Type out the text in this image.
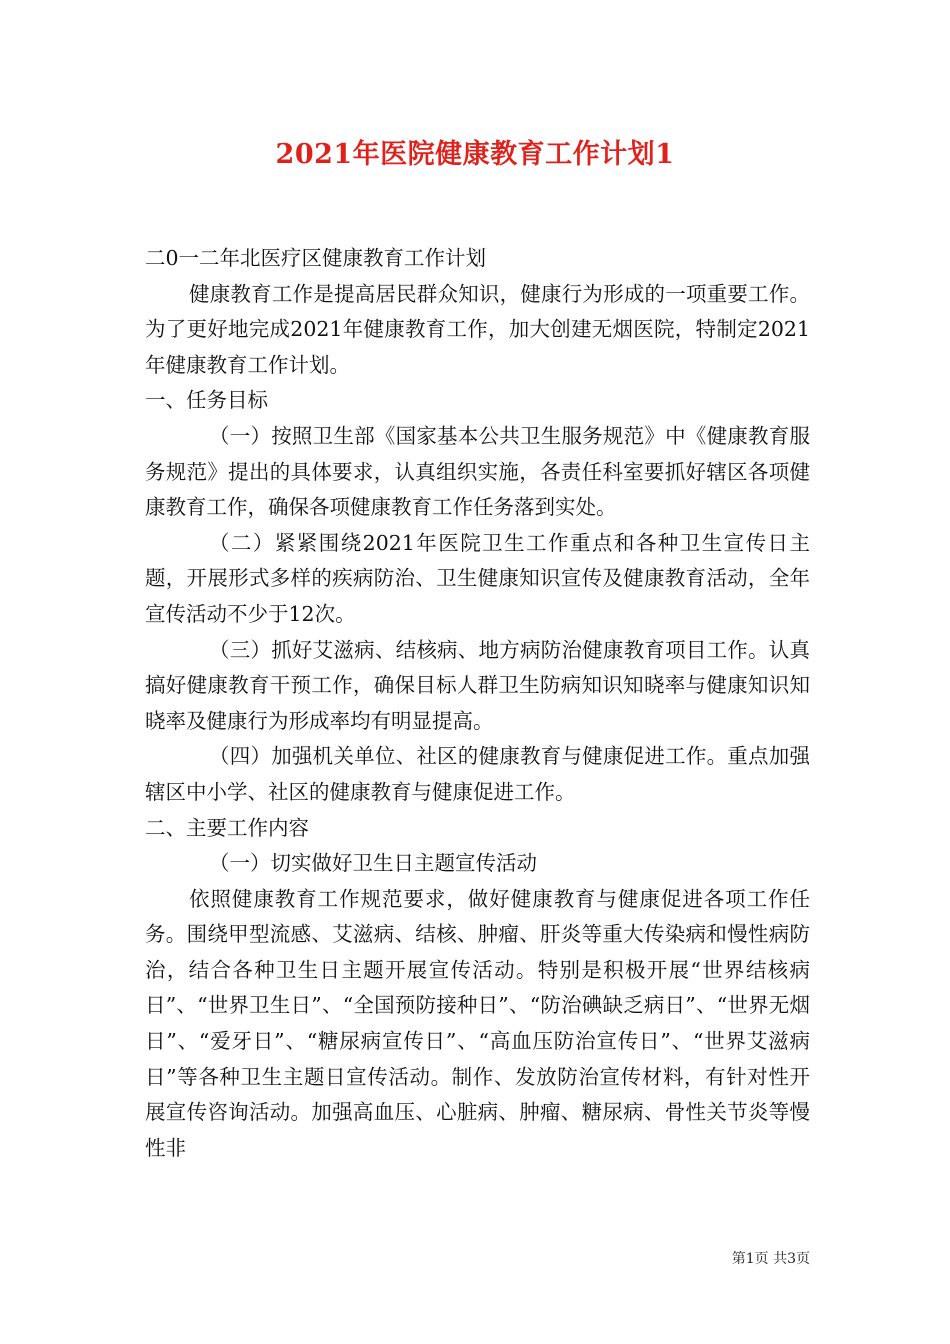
2021年医院健康教育工作计划1

二0一二年北医疗区健康教育工作计划

健康教育工作是提高居民群众知识，健康行为形成的一项重要工作。为了更好地完成2021年健康教育工作，加大创建无烟医院，特制定2021年健康教育工作计划。

一、任务目标

（一）按照卫生部《国家基本公共卫生服务规范》中《健康教育服务规范》提出的具体要求，认真组织实施，各责任科室要抓好辖区各项健康教育工作，确保各项健康教育工作任务落到实处。

（二）紧紧围绕2021年医院卫生工作重点和各种卫生宣传日主题，开展形式多样的疾病防治、卫生健康知识宣传及健康教育活动，全年宣传活动不少于12次。

（三）抓好艾滋病、结核病、地方病防治健康教育项目工作。认真搞好健康教育干预工作，确保目标人群卫生防病知识知晓率与健康知识知晓率及健康行为形成率均有明显提高。

（四）加强机关单位、社区的健康教育与健康促进工作。重点加强辖区中小学、社区的健康教育与健康促进工作。

二、主要工作内容

（一）切实做好卫生日主题宣传活动

依照健康教育工作规范要求，做好健康教育与健康促进各项工作任务。围绕甲型流感、艾滋病、结核、肿瘤、肝炎等重大传染病和慢性病防治，结合各种卫生日主题开展宣传活动。特别是积极开展“世界结核病日”、“世界卫生日”、“全国预防接种日”、“防治碘缺乏病日”、“世界无烟日”、“爱牙日”、“糖尿病宣传日”、“高血压防治宣传日”、“世界艾滋病日”等各种卫生主题日宣传活动。制作、发放防治宣传材料，有针对性开展宣传咨询活动。加强高血压、心脏病、肿瘤、糖尿病、骨性关节炎等慢性非

第1页 共3页
